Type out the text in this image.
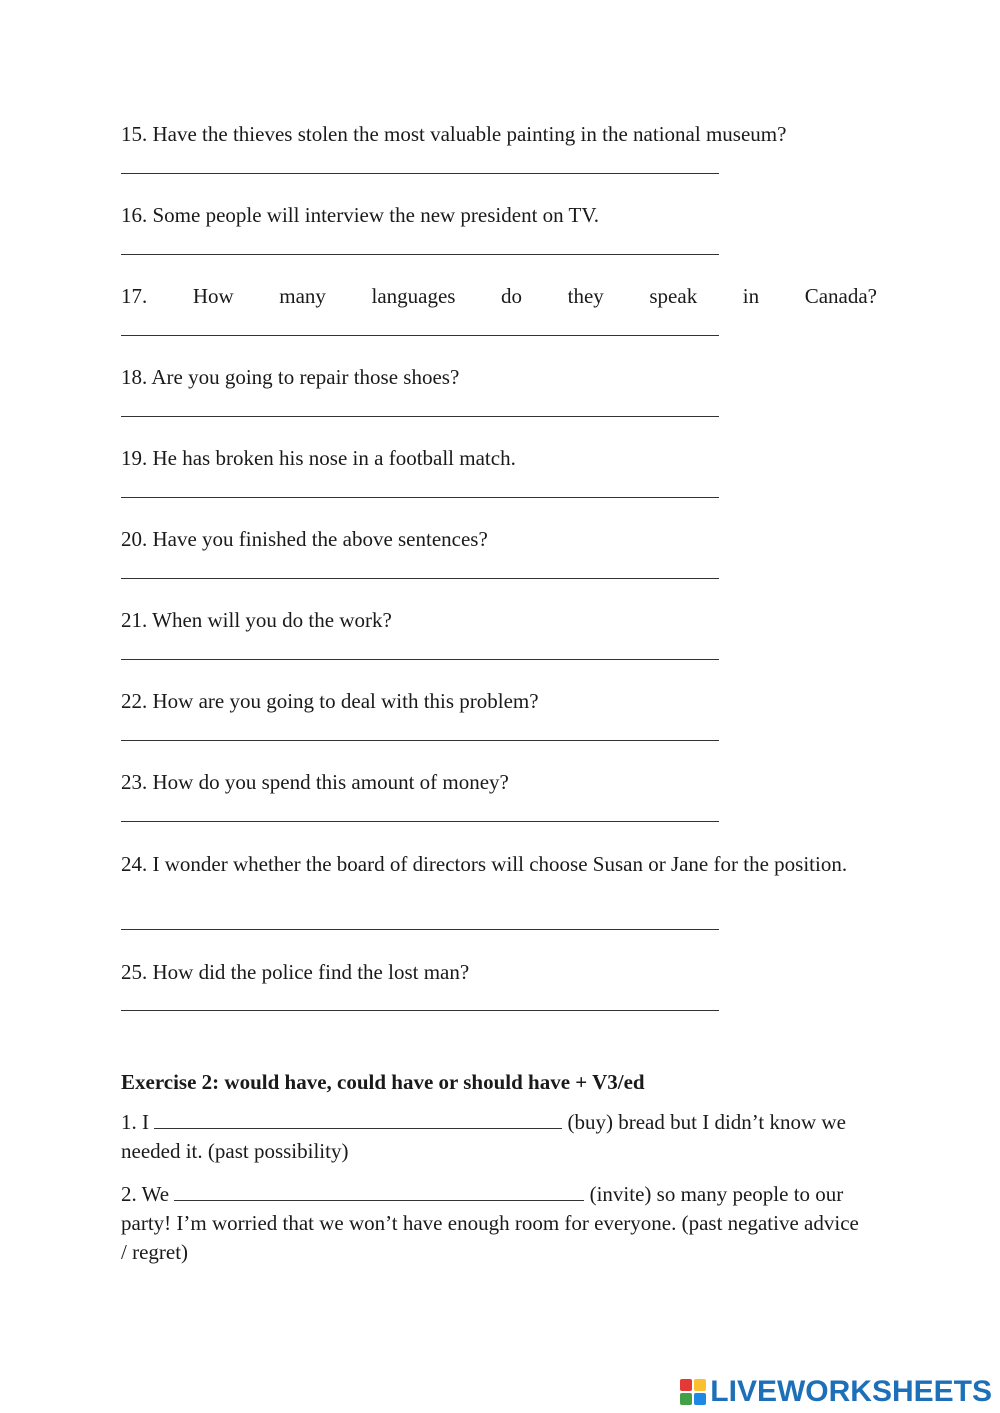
15. Have the thieves stolen the most valuable painting in the national museum?

16. Some people will interview the new president on TV.

17. How many languages do they speak in Canada?

18. Are you going to repair those shoes?

19. He has broken his nose in a football match.

20. Have you finished the above sentences?

21. When will you do the work?

22. How are you going to deal with this problem?

23. How do you spend this amount of money?

24. I wonder whether the board of directors will choose Susan or Jane for the position.

25. How did the police find the lost man?

Exercise 2: would have, could have or should have + V3/ed

1. I	(buy) bread but I didn’t know we needed it. (past possibility)

2. We	(invite) so many people to our party! I’m worried that we won’t have enough room for everyone. (past negative advice / regret)

LIVEWORKSHEETS
